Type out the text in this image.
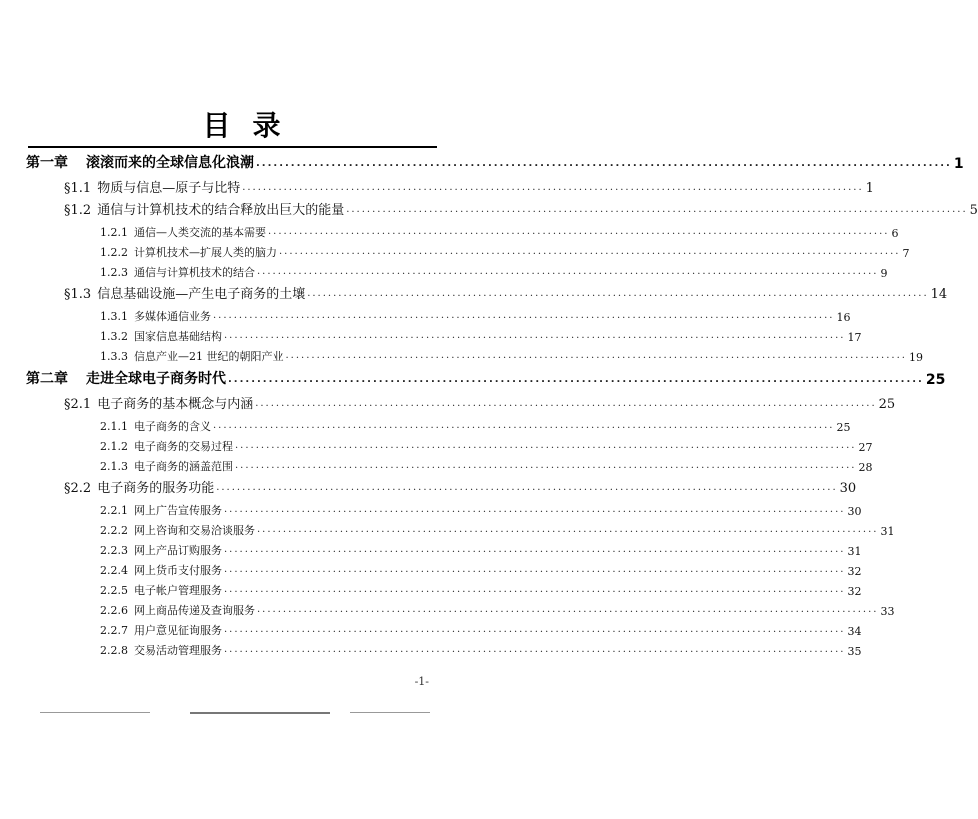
目录
第一章 滚滚而来的全球信息化浪潮 ........................................................................................................................ 1
§1.1 物质与信息—原子与比特 ........................................................................................................................ 1
§1.2 通信与计算机技术的结合释放出巨大的能量 ........................................................................................................................ 5
1.2.1 通信—人类交流的基本需要 ........................................................................................................................ 6
1.2.2 计算机技术—扩展人类的脑力 ........................................................................................................................ 7
1.2.3 通信与计算机技术的结合 ........................................................................................................................ 9
§1.3 信息基础设施—产生电子商务的土壤 ........................................................................................................................ 14
1.3.1 多媒体通信业务 ........................................................................................................................ 16
1.3.2 国家信息基础结构 ........................................................................................................................ 17
1.3.3 信息产业—21 世纪的朝阳产业 ........................................................................................................................ 19
第二章 走进全球电子商务时代 ........................................................................................................................ 25
§2.1 电子商务的基本概念与内涵 ........................................................................................................................ 25
2.1.1 电子商务的含义 ........................................................................................................................ 25
2.1.2 电子商务的交易过程 ........................................................................................................................ 27
2.1.3 电子商务的涵盖范围 ........................................................................................................................ 28
§2.2 电子商务的服务功能 ........................................................................................................................ 30
2.2.1 网上广告宣传服务 ........................................................................................................................ 30
2.2.2 网上咨询和交易洽谈服务 ........................................................................................................................ 31
2.2.3 网上产品订购服务 ........................................................................................................................ 31
2.2.4 网上货币支付服务 ........................................................................................................................ 32
2.2.5 电子帐户管理服务 ........................................................................................................................ 32
2.2.6 网上商品传递及查询服务 ........................................................................................................................ 33
2.2.7 用户意见征询服务 ........................................................................................................................ 34
2.2.8 交易活动管理服务 ........................................................................................................................ 35
-1-
